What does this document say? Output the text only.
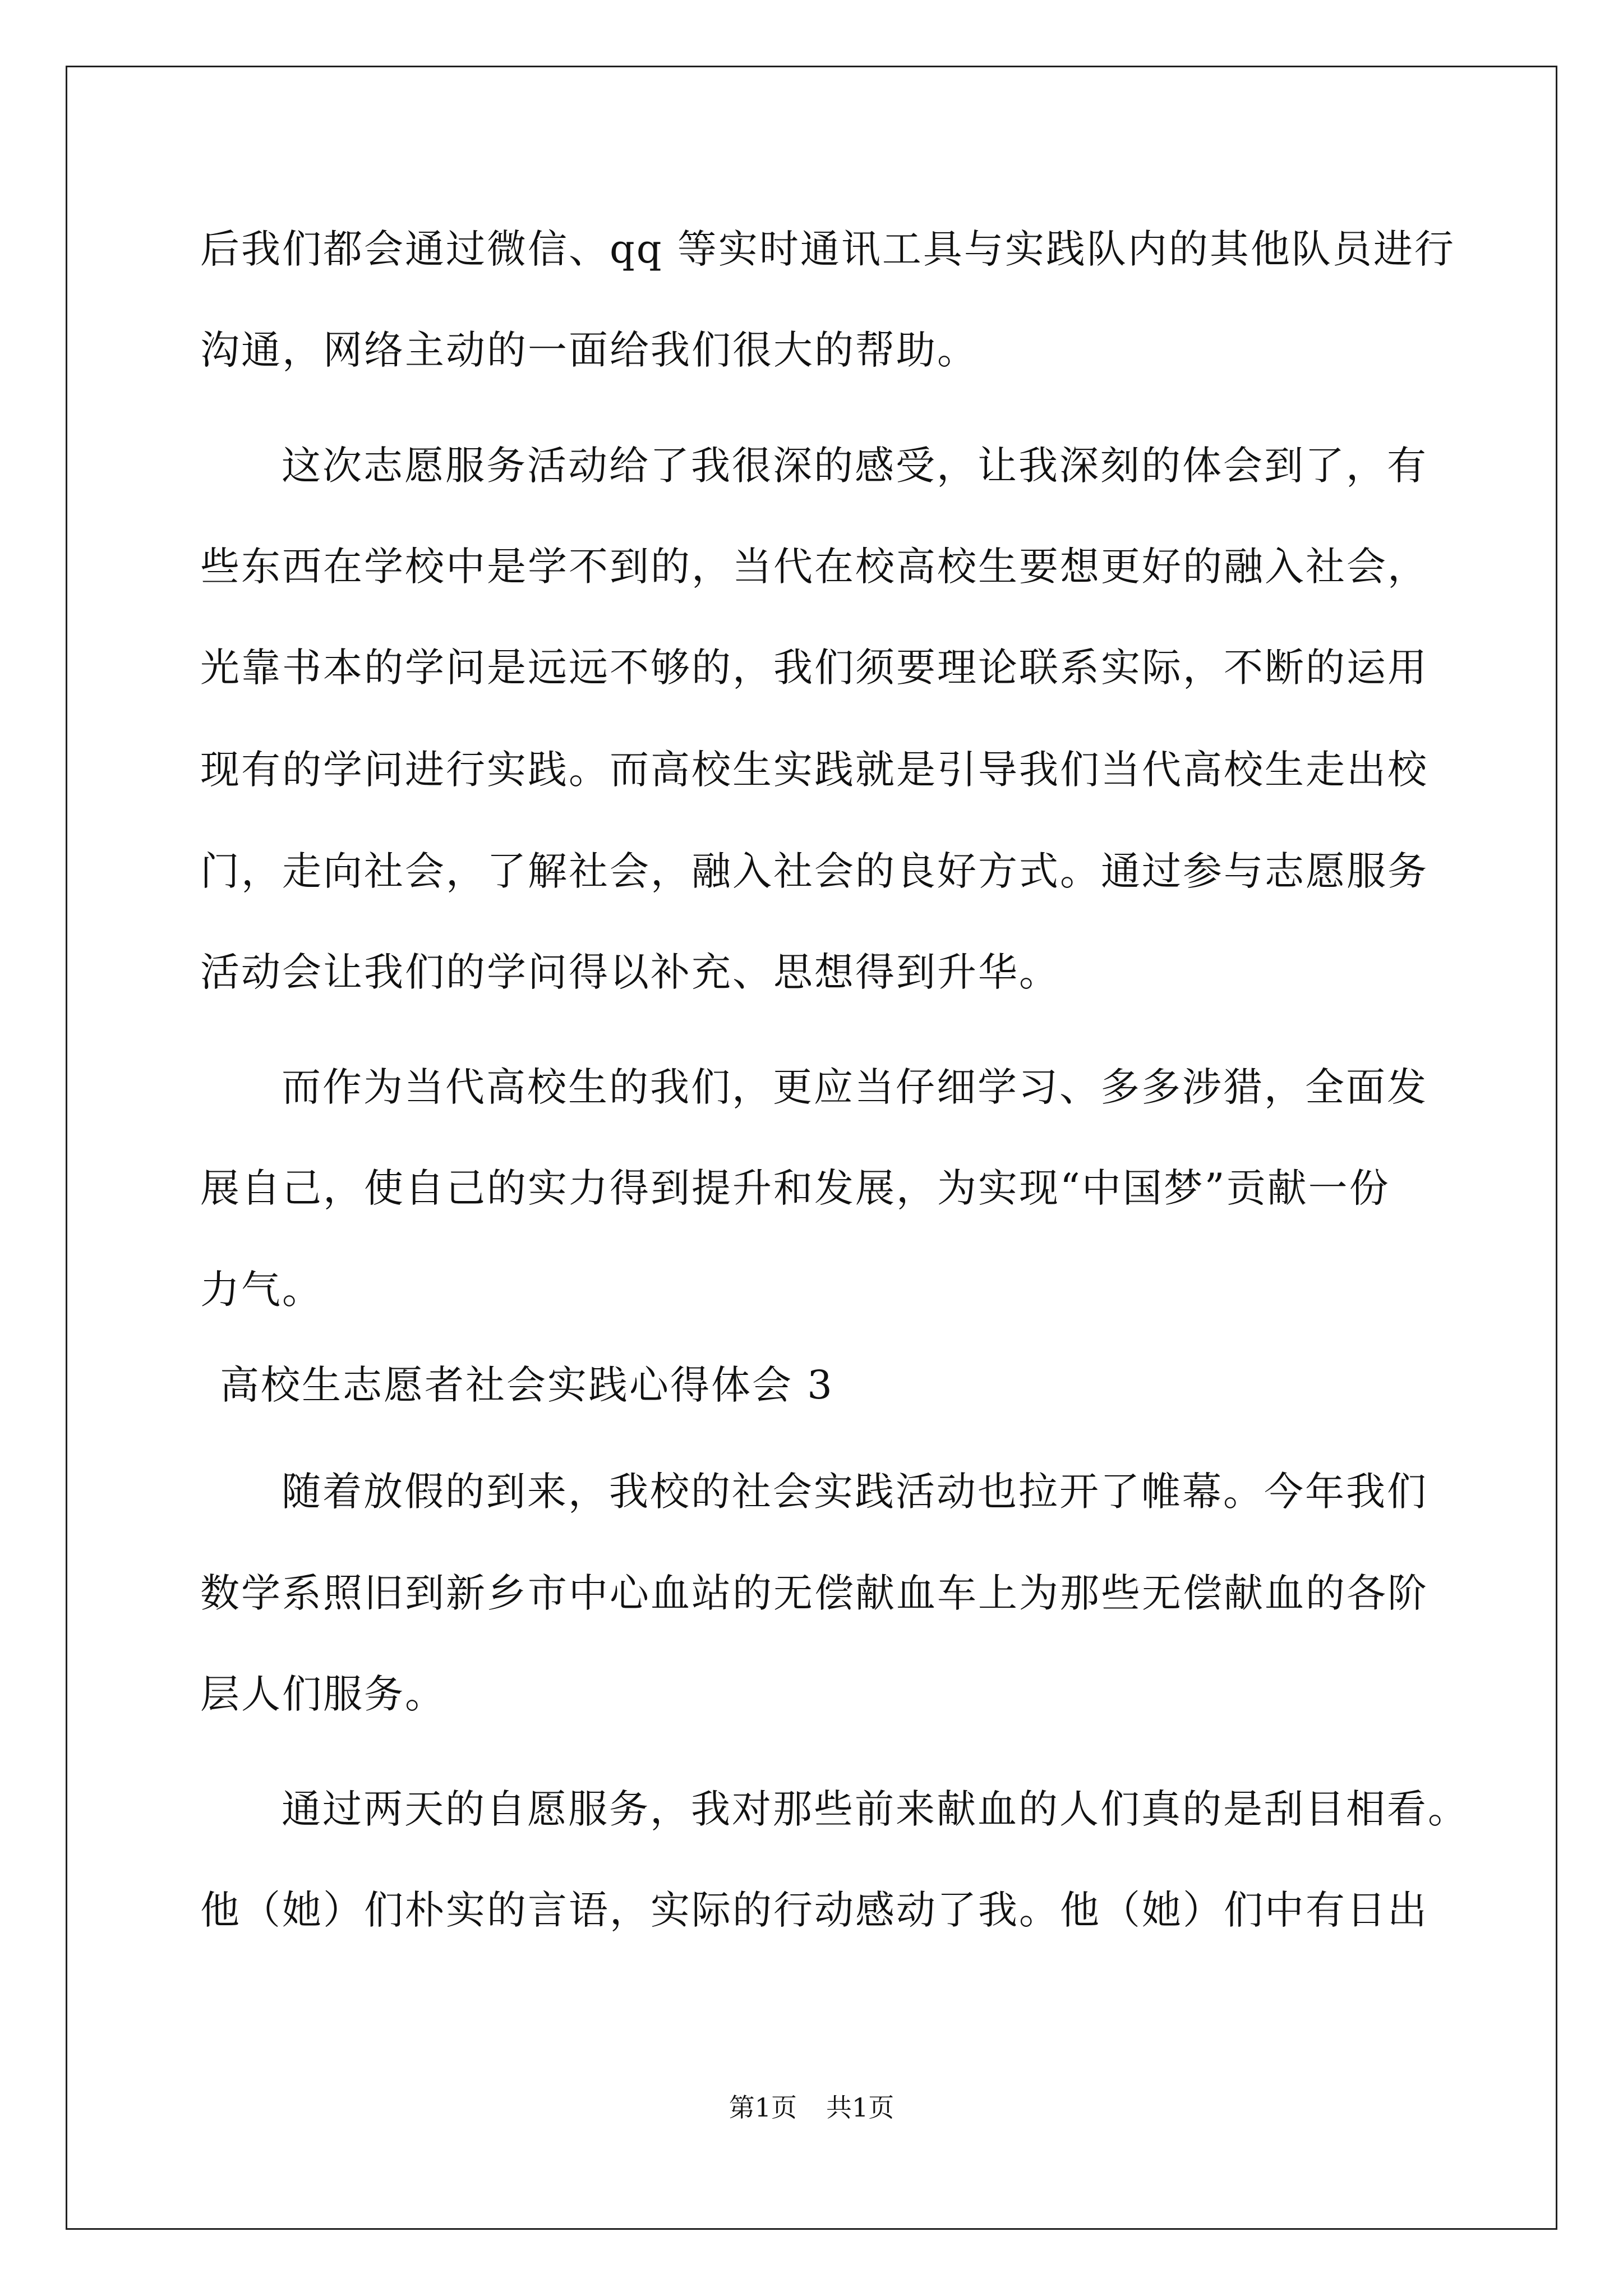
后我们都会通过微信、qq 等实时通讯工具与实践队内的其他队员进行
沟通，网络主动的一面给我们很大的帮助。
这次志愿服务活动给了我很深的感受，让我深刻的体会到了，有
些东西在学校中是学不到的，当代在校高校生要想更好的融入社会，
光靠书本的学问是远远不够的，我们须要理论联系实际，不断的运用
现有的学问进行实践。而高校生实践就是引导我们当代高校生走出校
门，走向社会，了解社会，融入社会的良好方式。通过参与志愿服务
活动会让我们的学问得以补充、思想得到升华。
而作为当代高校生的我们，更应当仔细学习、多多涉猎，全面发
展自己，使自己的实力得到提升和发展，为实现“中国梦”贡献一份
力气。
高校生志愿者社会实践心得体会 3
随着放假的到来，我校的社会实践活动也拉开了帷幕。今年我们
数学系照旧到新乡市中心血站的无偿献血车上为那些无偿献血的各阶
层人们服务。
通过两天的自愿服务，我对那些前来献血的人们真的是刮目相看。
他（她）们朴实的言语，实际的行动感动了我。他（她）们中有日出
第1页 共1页
